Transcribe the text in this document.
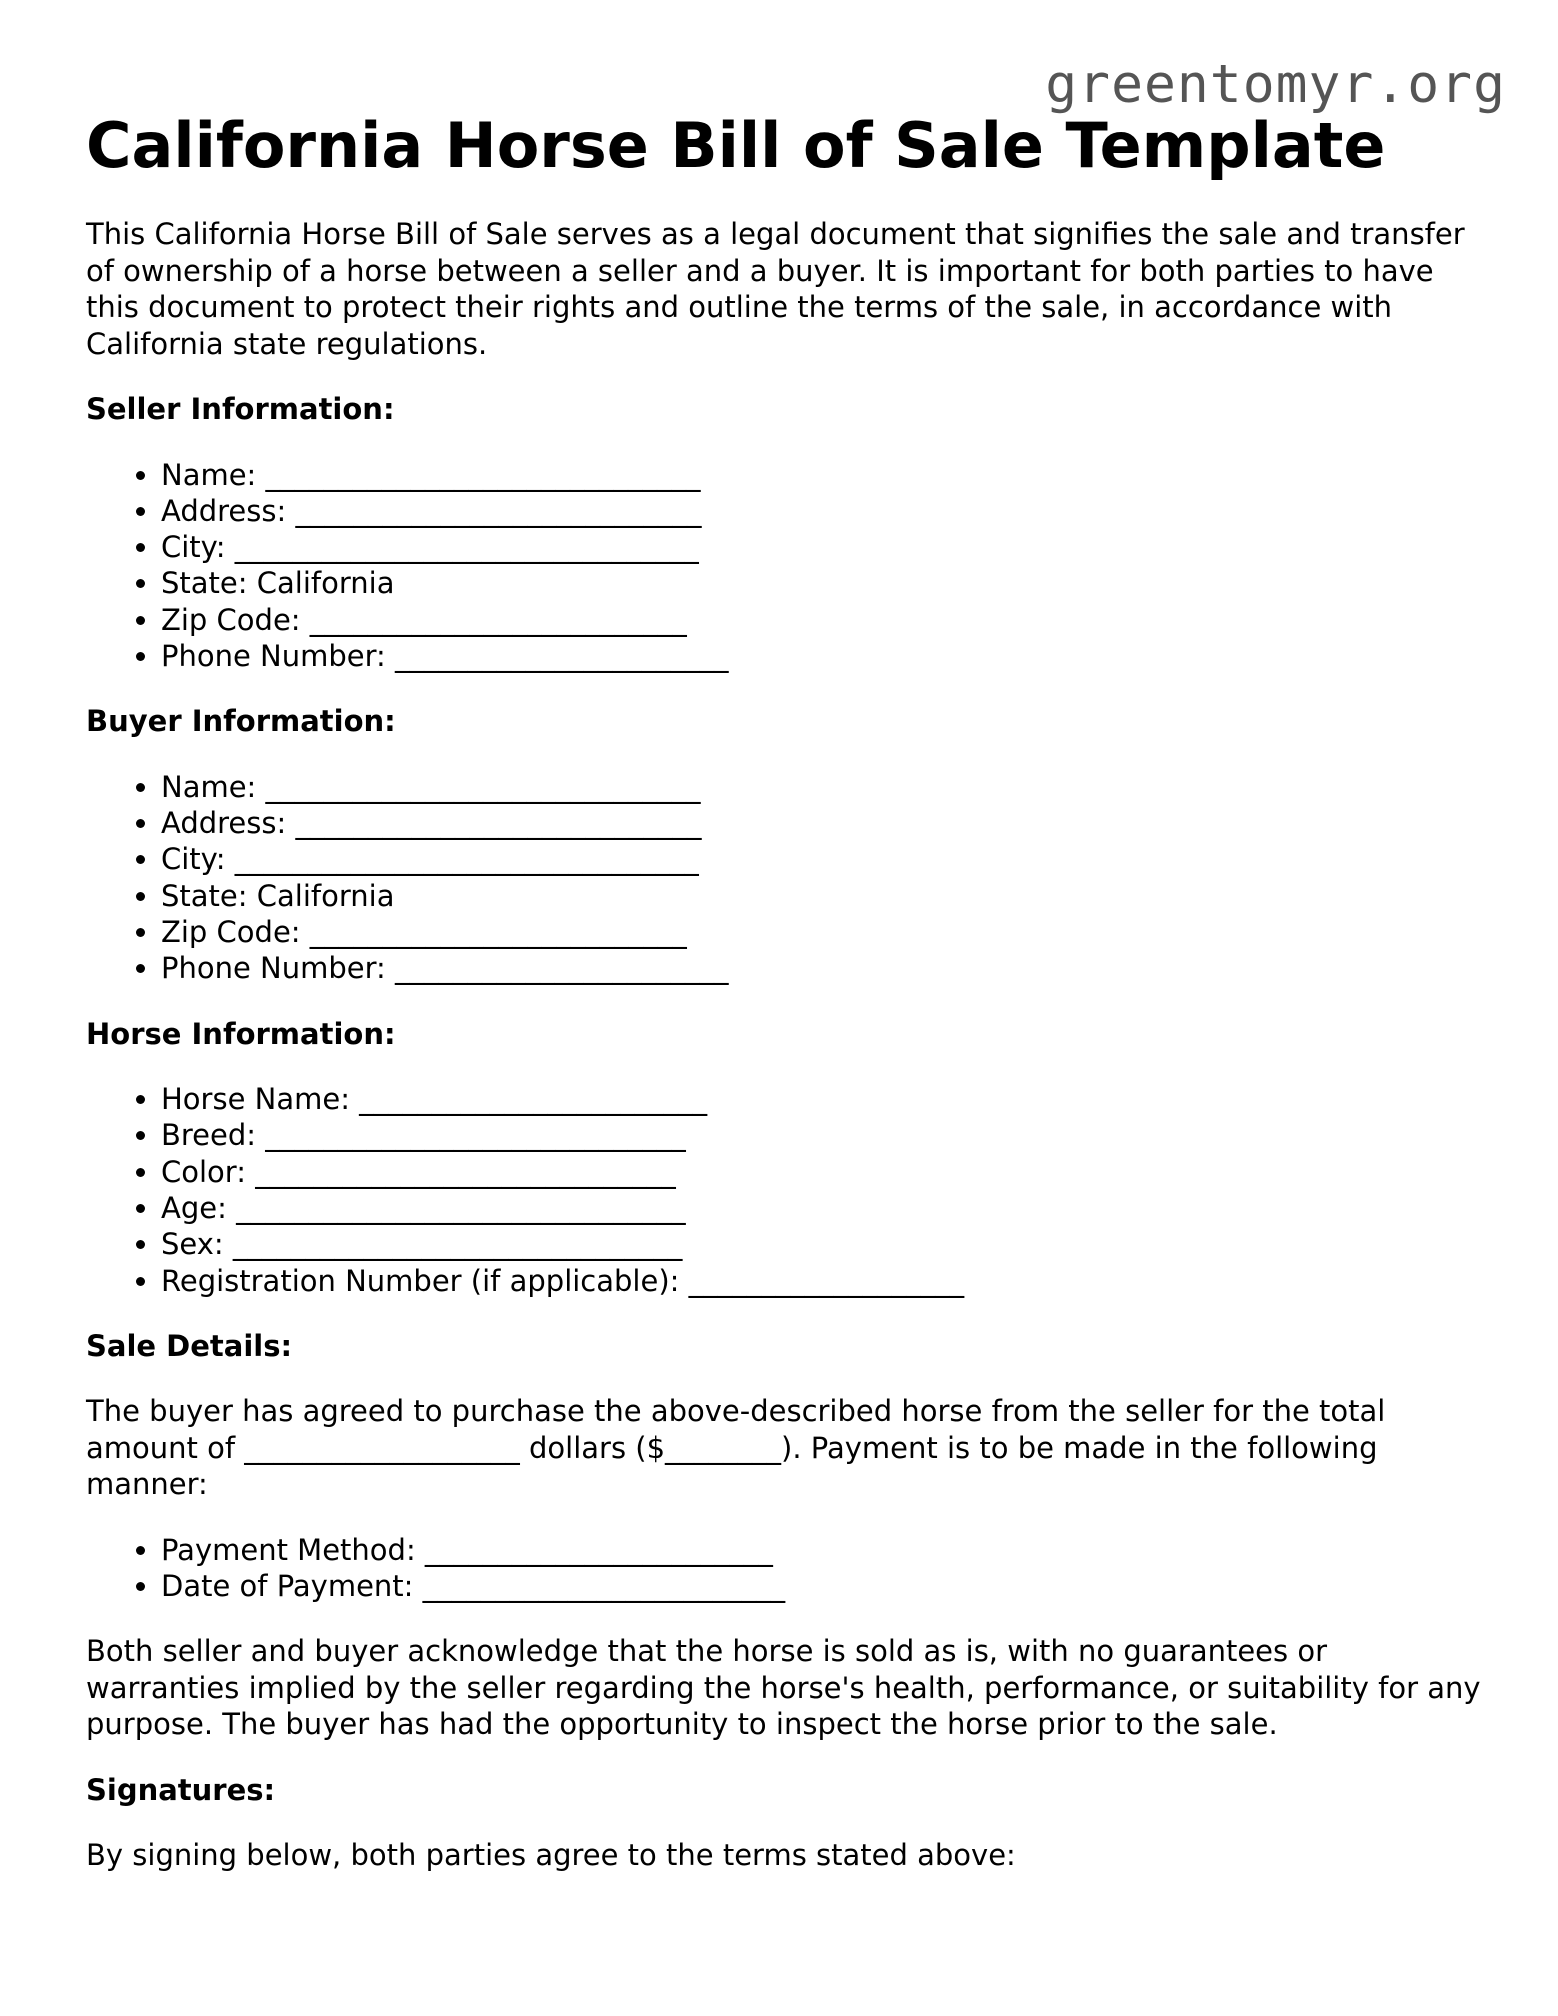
greentomyr.org
California Horse Bill of Sale Template

This California Horse Bill of Sale serves as a legal document that signifies the sale and transfer of ownership of a horse between a seller and a buyer. It is important for both parties to have this document to protect their rights and outline the terms of the sale, in accordance with California state regulations.

Seller Information:
• Name: ______________________________
• Address: ____________________________
• City: ________________________________
• State: California
• Zip Code: __________________________
• Phone Number: _______________________
Buyer Information:
• Name: ______________________________
• Address: ____________________________
• City: ________________________________
• State: California
• Zip Code: __________________________
• Phone Number: _______________________
Horse Information:
• Horse Name: ________________________
• Breed: _____________________________
• Color: _____________________________
• Age: _______________________________
• Sex: _______________________________
• Registration Number (if applicable): ___________________
Sale Details:

The buyer has agreed to purchase the above-described horse from the seller for the total amount of ___________________ dollars ($________). Payment is to be made in the following manner:

• Payment Method: ________________________
• Date of Payment: _________________________

Both seller and buyer acknowledge that the horse is sold as is, with no guarantees or warranties implied by the seller regarding the horse's health, performance, or suitability for any purpose. The buyer has had the opportunity to inspect the horse prior to the sale.

Signatures:

By signing below, both parties agree to the terms stated above:
